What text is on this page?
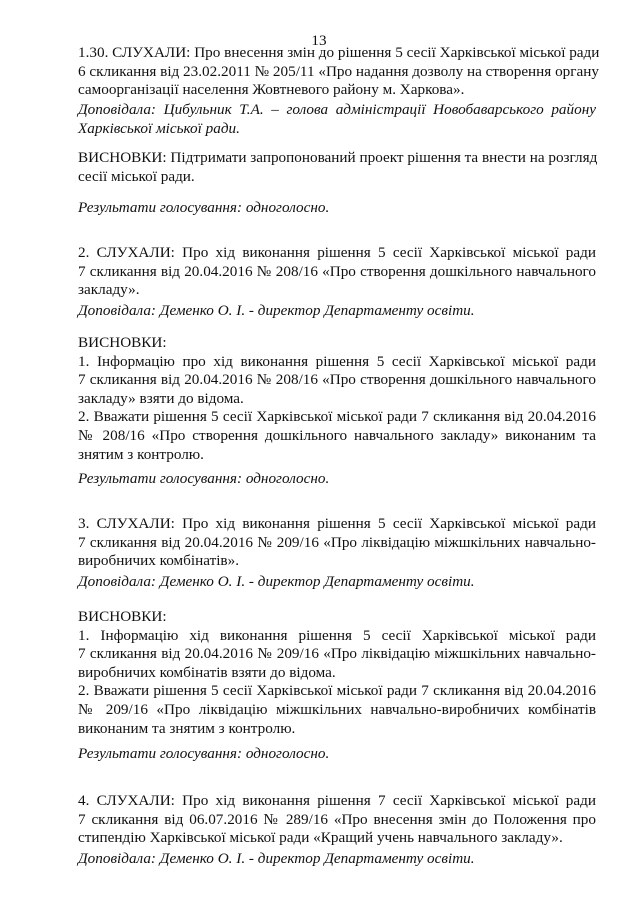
13
1.30. СЛУХАЛИ: Про внесення змін до рішення 5 сесії Харківської міської ради
6 скликання від 23.02.2011 № 205/11 «Про надання дозволу на створення органу
самоорганізації населення Жовтневого району м. Харкова».
Доповідала: Цибульник Т.А. – голова адміністрації Новобаварського району
Харківської міської ради.
ВИСНОВКИ: Підтримати запропонований проект рішення та внести на розгляд
сесії міської ради.
Результати голосування: одноголосно.
2. СЛУХАЛИ: Про хід виконання рішення 5 сесії Харківської міської ради
7 скликання від 20.04.2016 № 208/16 «Про створення дошкільного навчального
закладу».
Доповідала: Деменко О. І. - директор Департаменту освіти.
ВИСНОВКИ:
1. Інформацію про хід виконання рішення 5 сесії Харківської міської ради
7 скликання від 20.04.2016 № 208/16 «Про створення дошкільного навчального
закладу» взяти до відома.
2. Вважати рішення 5 сесії Харківської міської ради 7 скликання від 20.04.2016
№ 208/16 «Про створення дошкільного навчального закладу» виконаним та
знятим з контролю.
Результати голосування: одноголосно.
3. СЛУХАЛИ: Про хід виконання рішення 5 сесії Харківської міської ради
7 скликання від 20.04.2016 № 209/16 «Про ліквідацію міжшкільних навчально-
виробничих комбінатів».
Доповідала: Деменко О. І. - директор Департаменту освіти.
ВИСНОВКИ:
1. Інформацію хід виконання рішення 5 сесії Харківської міської ради
7 скликання від 20.04.2016 № 209/16 «Про ліквідацію міжшкільних навчально-
виробничих комбінатів взяти до відома.
2. Вважати рішення 5 сесії Харківської міської ради 7 скликання від 20.04.2016
№ 209/16 «Про ліквідацію міжшкільних навчально-виробничих комбінатів
виконаним та знятим з контролю.
Результати голосування: одноголосно.
4. СЛУХАЛИ: Про хід виконання рішення 7 сесії Харківської міської ради
7 скликання від 06.07.2016 № 289/16 «Про внесення змін до Положення про
стипендію Харківської міської ради «Кращий учень навчального закладу».
Доповідала: Деменко О. І. - директор Департаменту освіти.
